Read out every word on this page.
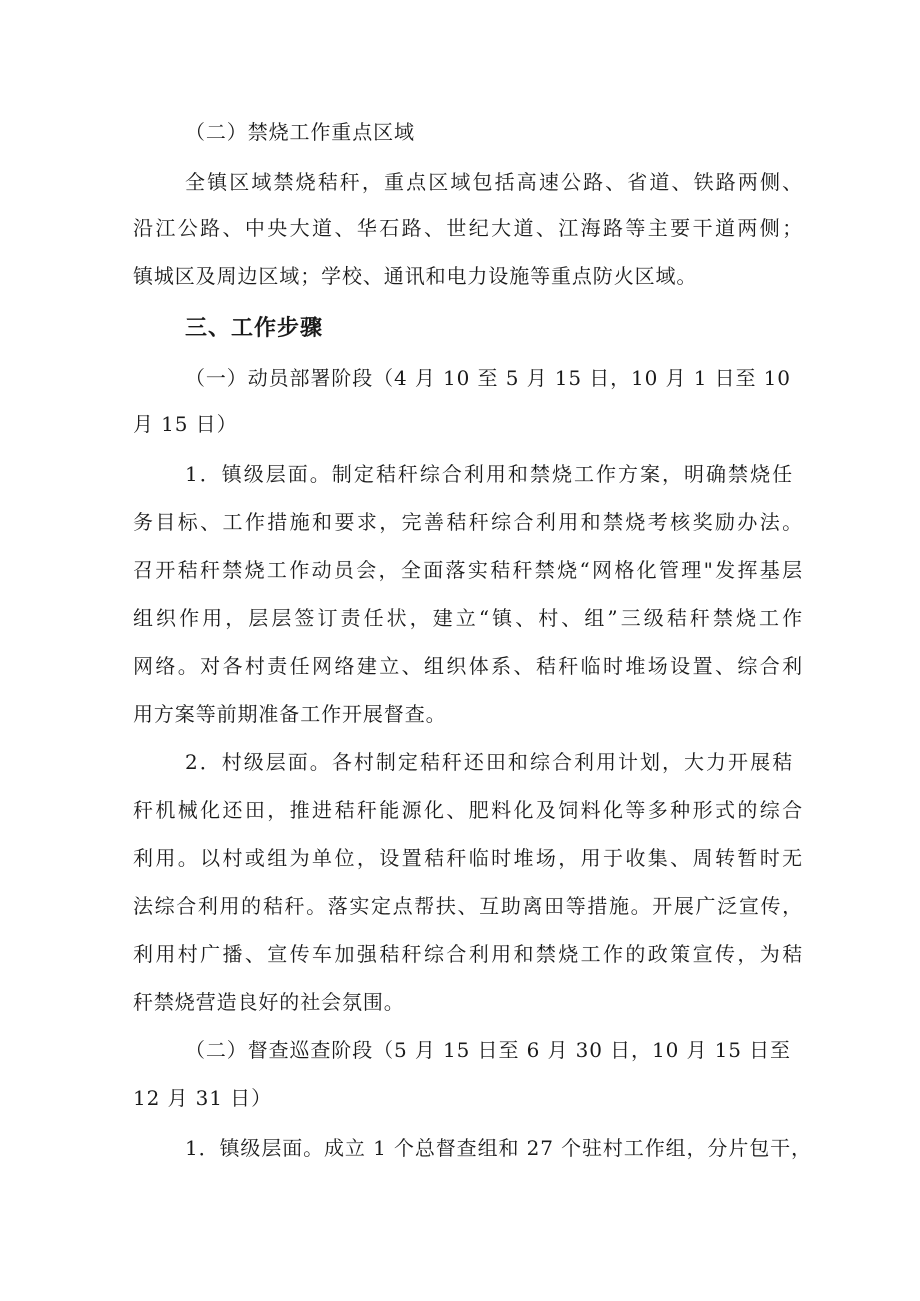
（二）禁烧工作重点区域
全镇区域禁烧秸秆，重点区域包括高速公路、省道、铁路两侧、
沿江公路、中央大道、华石路、世纪大道、江海路等主要干道两侧；
镇城区及周边区域；学校、通讯和电力设施等重点防火区域。
三、工作步骤
（一）动员部署阶段（4 月 10 至 5 月 15 日，10 月 1 日至 10
月 15 日）
1．镇级层面。制定秸秆综合利用和禁烧工作方案，明确禁烧任
务目标、工作措施和要求，完善秸秆综合利用和禁烧考核奖励办法。
召开秸秆禁烧工作动员会，全面落实秸秆禁烧“网格化管理"发挥基层
组织作用，层层签订责任状，建立“镇、村、组”三级秸秆禁烧工作
网络。对各村责任网络建立、组织体系、秸秆临时堆场设置、综合利
用方案等前期准备工作开展督查。
2．村级层面。各村制定秸秆还田和综合利用计划，大力开展秸
秆机械化还田，推进秸秆能源化、肥料化及饲料化等多种形式的综合
利用。以村或组为单位，设置秸秆临时堆场，用于收集、周转暂时无
法综合利用的秸秆。落实定点帮扶、互助离田等措施。开展广泛宣传，
利用村广播、宣传车加强秸秆综合利用和禁烧工作的政策宣传，为秸
秆禁烧营造良好的社会氛围。
（二）督查巡查阶段（5 月 15 日至 6 月 30 日，10 月 15 日至
12 月 31 日）
1．镇级层面。成立 1 个总督查组和 27 个驻村工作组，分片包干，
